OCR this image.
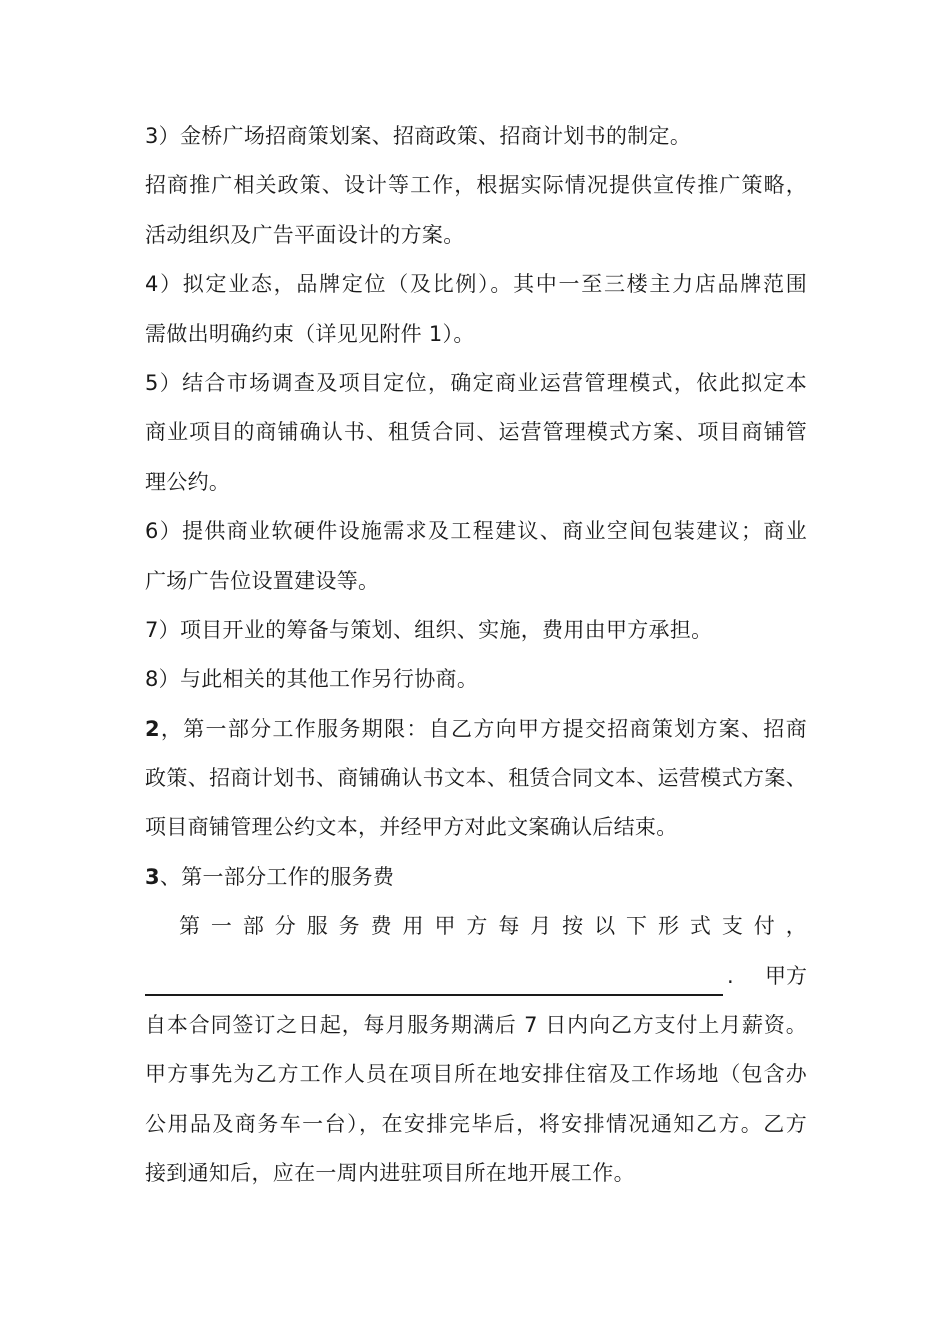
3）金桥广场招商策划案、招商政策、招商计划书的制定。
招商推广相关政策、设计等工作，根据实际情况提供宣传推广策略，
活动组织及广告平面设计的方案。
4）拟定业态，品牌定位（及比例）。其中一至三楼主力店品牌范围
需做出明确约束（详见见附件 1）。
5）结合市场调查及项目定位，确定商业运营管理模式，依此拟定本
商业项目的商铺确认书、租赁合同、运营管理模式方案、项目商铺管
理公约。
6）提供商业软硬件设施需求及工程建议、商业空间包装建议；商业
广场广告位设置建设等。
7）项目开业的筹备与策划、组织、实施，费用由甲方承担。
8）与此相关的其他工作另行协商。
2，第一部分工作服务期限：自乙方向甲方提交招商策划方案、招商
政策、招商计划书、商铺确认书文本、租赁合同文本、运营模式方案、
项目商铺管理公约文本，并经甲方对此文案确认后结束。
3、第一部分工作的服务费
第一部分服务费用甲方每月按以下形式支付，
. 甲方
自本合同签订之日起，每月服务期满后 7 日内向乙方支付上月薪资。
甲方事先为乙方工作人员在项目所在地安排住宿及工作场地（包含办
公用品及商务车一台），在安排完毕后，将安排情况通知乙方。乙方
接到通知后，应在一周内进驻项目所在地开展工作。
